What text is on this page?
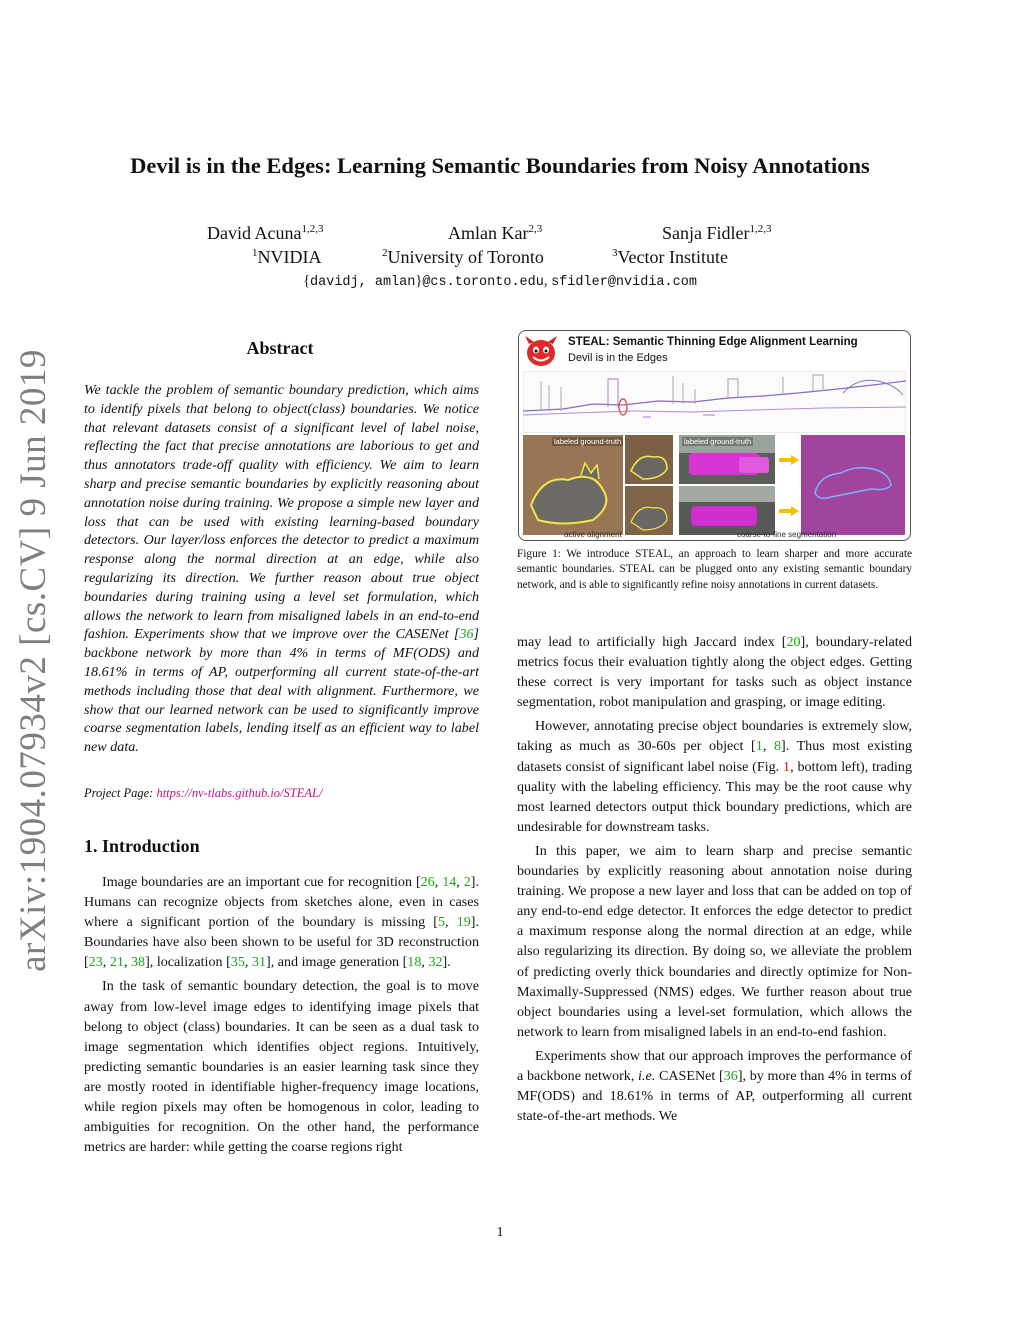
arXiv:1904.07934v2 [cs.CV] 9 Jun 2019
Devil is in the Edges: Learning Semantic Boundaries from Noisy Annotations
David Acuna$^{1,2,3}$	Amlan Kar$^{2,3}$	Sanja Fidler$^{1,2,3}$
$^1$NVIDIA	$^2$University of Toronto	$^3$Vector Institute
{davidj, amlan}@cs.toronto.edu, sfidler@nvidia.com
Abstract
We tackle the problem of semantic boundary prediction, which aims to identify pixels that belong to object(class) boundaries. We notice that relevant datasets consist of a significant level of label noise, reflecting the fact that precise annotations are laborious to get and thus annotators trade-off quality with efficiency. We aim to learn sharp and precise semantic boundaries by explicitly reasoning about annotation noise during training. We propose a simple new layer and loss that can be used with existing learning-based boundary detectors. Our layer/loss enforces the detector to predict a maximum response along the normal direction at an edge, while also regularizing its direction. We further reason about true object boundaries during training using a level set formulation, which allows the network to learn from misaligned labels in an end-to-end fashion. Experiments show that we improve over the CASENet [36] backbone network by more than 4% in terms of MF(ODS) and 18.61% in terms of AP, outperforming all current state-of-the-art methods including those that deal with alignment. Furthermore, we show that our learned network can be used to significantly improve coarse segmentation labels, lending itself as an efficient way to label new data.
Project Page: https://nv-tlabs.github.io/STEAL/
1. Introduction

Image boundaries are an important cue for recognition [26, 14, 2]. Humans can recognize objects from sketches alone, even in cases where a significant portion of the boundary is missing [5, 19]. Boundaries have also been shown to be useful for 3D reconstruction [23, 21, 38], localization [35, 31], and image generation [18, 32].

In the task of semantic boundary detection, the goal is to move away from low-level image edges to identifying image pixels that belong to object (class) boundaries. It can be seen as a dual task to image segmentation which identifies object regions. Intuitively, predicting semantic boundaries is an easier learning task since they are mostly rooted in identifiable higher-frequency image locations, while region pixels may often be homogenous in color, leading to ambiguities for recognition. On the other hand, the performance metrics are harder: while getting the coarse regions right

STEAL: Semantic Thinning Edge Alignment Learning
Devil is in the Edges
labeled ground-truth
active alignment
labeled ground-truth
coarse-to-fine segmentation
Figure 1: We introduce STEAL, an approach to learn sharper and more accurate semantic boundaries. STEAL can be plugged onto any existing semantic boundary network, and is able to significantly refine noisy annotations in current datasets.

may lead to artificially high Jaccard index [20], boundary-related metrics focus their evaluation tightly along the object edges. Getting these correct is very important for tasks such as object instance segmentation, robot manipulation and grasping, or image editing.

However, annotating precise object boundaries is extremely slow, taking as much as 30-60s per object [1, 8]. Thus most existing datasets consist of significant label noise (Fig. 1, bottom left), trading quality with the labeling efficiency. This may be the root cause why most learned detectors output thick boundary predictions, which are undesirable for downstream tasks.

In this paper, we aim to learn sharp and precise semantic boundaries by explicitly reasoning about annotation noise during training. We propose a new layer and loss that can be added on top of any end-to-end edge detector. It enforces the edge detector to predict a maximum response along the normal direction at an edge, while also regularizing its direction. By doing so, we alleviate the problem of predicting overly thick boundaries and directly optimize for Non-Maximally-Suppressed (NMS) edges. We further reason about true object boundaries using a level-set formulation, which allows the network to learn from misaligned labels in an end-to-end fashion.

Experiments show that our approach improves the performance of a backbone network, i.e. CASENet [36], by more than 4% in terms of MF(ODS) and 18.61% in terms of AP, outperforming all current state-of-the-art methods. We

1
